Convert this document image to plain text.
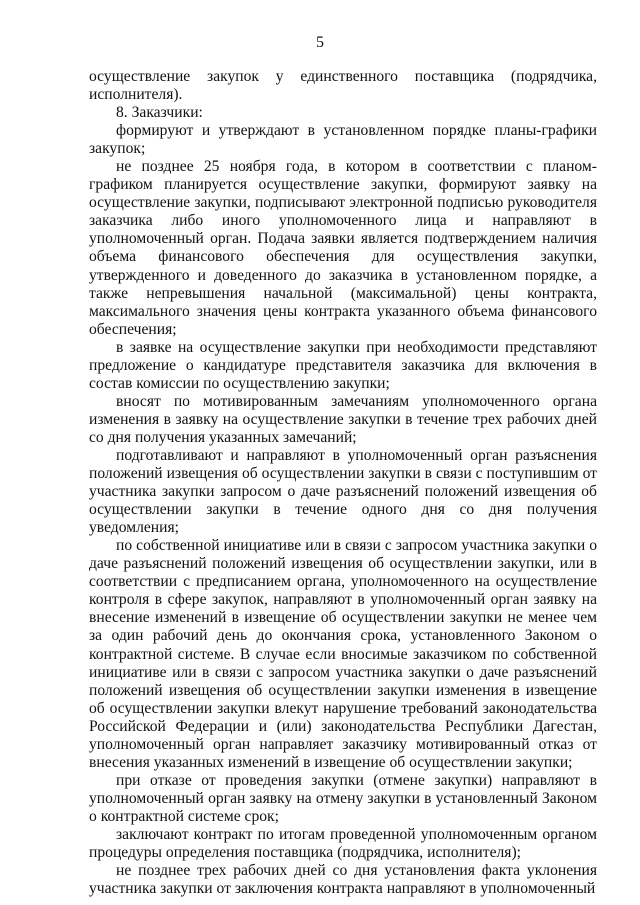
5

осуществление закупок у единственного поставщика (подрядчика, исполнителя).

8. Заказчики:

формируют и утверждают в установленном порядке планы-графики закупок;

не позднее 25 ноября года, в котором в соответствии с планом-графиком планируется осуществление закупки, формируют заявку на осуществление закупки, подписывают электронной подписью руководителя заказчика либо иного уполномоченного лица и направляют в уполномоченный орган. Подача заявки является подтверждением наличия объема финансового обеспечения для осуществления закупки, утвержденного и доведенного до заказчика в установленном порядке, а также непревышения начальной (максимальной) цены контракта, максимального значения цены контракта указанного объема финансового обеспечения;

в заявке на осуществление закупки при необходимости представляют предложение о кандидатуре представителя заказчика для включения в состав комиссии по осуществлению закупки;

вносят по мотивированным замечаниям уполномоченного органа изменения в заявку на осуществление закупки в течение трех рабочих дней со дня получения указанных замечаний;

подготавливают и направляют в уполномоченный орган разъяснения положений извещения об осуществлении закупки в связи с поступившим от участника закупки запросом о даче разъяснений положений извещения об осуществлении закупки в течение одного дня со дня получения уведомления;

по собственной инициативе или в связи с запросом участника закупки о даче разъяснений положений извещения об осуществлении закупки, или в соответствии с предписанием органа, уполномоченного на осуществление контроля в сфере закупок, направляют в уполномоченный орган заявку на внесение изменений в извещение об осуществлении закупки не менее чем за один рабочий день до окончания срока, установленного Законом о контрактной системе. В случае если вносимые заказчиком по собственной инициативе или в связи с запросом участника закупки о даче разъяснений положений извещения об осуществлении закупки изменения в извещение об осуществлении закупки влекут нарушение требований законодательства Российской Федерации и (или) законодательства Республики Дагестан, уполномоченный орган направляет заказчику мотивированный отказ от внесения указанных изменений в извещение об осуществлении закупки;

при отказе от проведения закупки (отмене закупки) направляют в уполномоченный орган заявку на отмену закупки в установленный Законом о контрактной системе срок;

заключают контракт по итогам проведенной уполномоченным органом процедуры определения поставщика (подрядчика, исполнителя);

не позднее трех рабочих дней со дня установления факта уклонения участника закупки от заключения контракта направляют в уполномоченный
